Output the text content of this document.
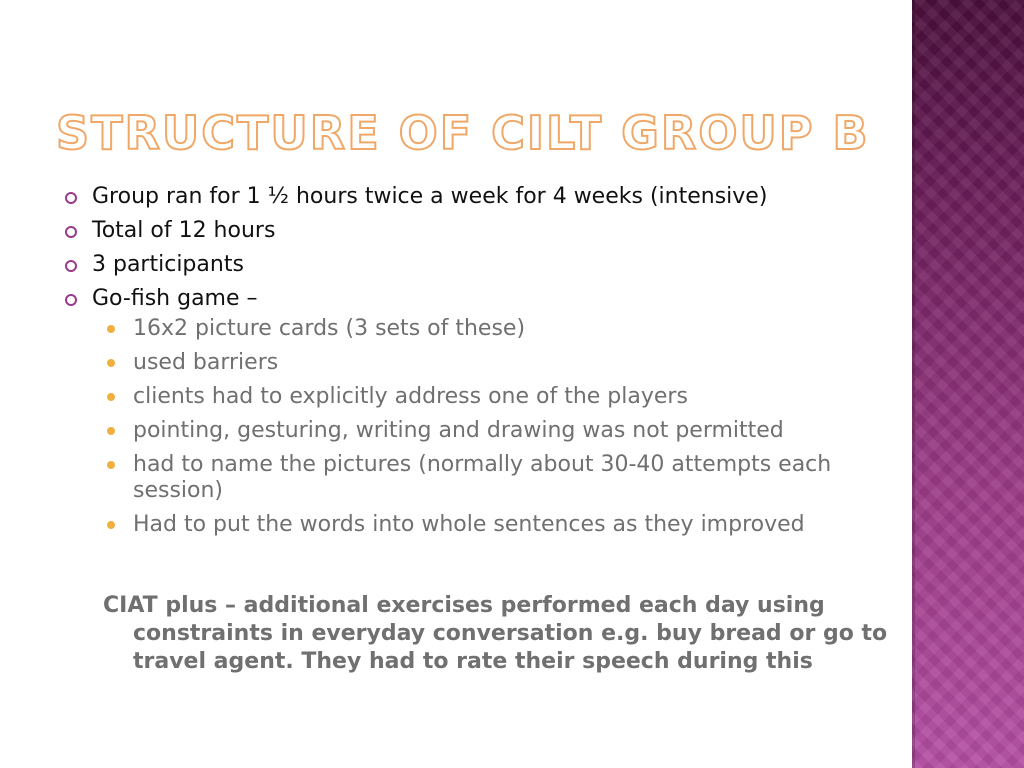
STRUCTURE OF CILT GROUP B
Group ran for 1 ½ hours twice a week for 4 weeks (intensive)
Total of 12 hours
3 participants
Go-fish game –
16x2 picture cards (3 sets of these)
used barriers
clients had to explicitly address one of the players
pointing, gesturing, writing and drawing was not permitted
had to name the pictures (normally about 30-40 attempts each session)
Had to put the words into whole sentences as they improved
CIAT plus – additional exercises performed each day using constraints in everyday conversation e.g. buy bread or go to travel agent. They had to rate their speech during this
